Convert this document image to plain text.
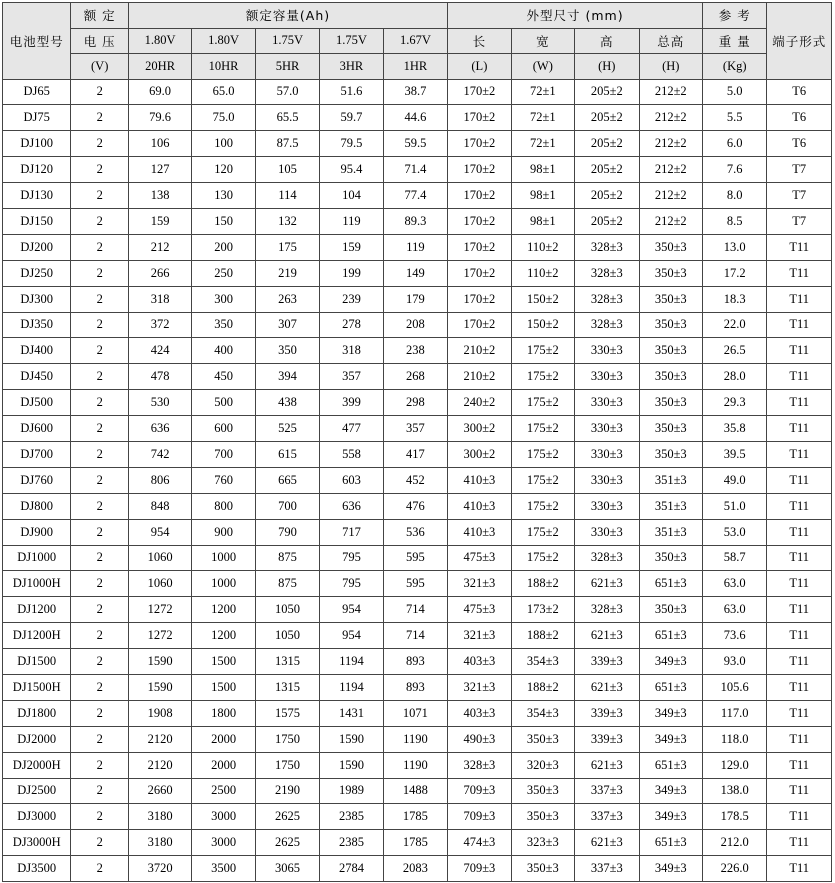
电池型号	额 定	额定容量(Ah)					外型尺寸 (mm)				参 考	端子形式
	电 压	1.80V	1.80V	1.75V	1.75V	1.67V	长	宽	高	总高	重 量	
	(V)	20HR	10HR	5HR	3HR	1HR	(L)	(W)	(H)	(H)	(Kg)	
DJ65	2	69.0	65.0	57.0	51.6	38.7	170±2	72±1	205±2	212±2	5.0	T6
DJ75	2	79.6	75.0	65.5	59.7	44.6	170±2	72±1	205±2	212±2	5.5	T6
DJ100	2	106	100	87.5	79.5	59.5	170±2	72±1	205±2	212±2	6.0	T6
DJ120	2	127	120	105	95.4	71.4	170±2	98±1	205±2	212±2	7.6	T7
DJ130	2	138	130	114	104	77.4	170±2	98±1	205±2	212±2	8.0	T7
DJ150	2	159	150	132	119	89.3	170±2	98±1	205±2	212±2	8.5	T7
DJ200	2	212	200	175	159	119	170±2	110±2	328±3	350±3	13.0	T11
DJ250	2	266	250	219	199	149	170±2	110±2	328±3	350±3	17.2	T11
DJ300	2	318	300	263	239	179	170±2	150±2	328±3	350±3	18.3	T11
DJ350	2	372	350	307	278	208	170±2	150±2	328±3	350±3	22.0	T11
DJ400	2	424	400	350	318	238	210±2	175±2	330±3	350±3	26.5	T11
DJ450	2	478	450	394	357	268	210±2	175±2	330±3	350±3	28.0	T11
DJ500	2	530	500	438	399	298	240±2	175±2	330±3	350±3	29.3	T11
DJ600	2	636	600	525	477	357	300±2	175±2	330±3	350±3	35.8	T11
DJ700	2	742	700	615	558	417	300±2	175±2	330±3	350±3	39.5	T11
DJ760	2	806	760	665	603	452	410±3	175±2	330±3	351±3	49.0	T11
DJ800	2	848	800	700	636	476	410±3	175±2	330±3	351±3	51.0	T11
DJ900	2	954	900	790	717	536	410±3	175±2	330±3	351±3	53.0	T11
DJ1000	2	1060	1000	875	795	595	475±3	175±2	328±3	350±3	58.7	T11
DJ1000H	2	1060	1000	875	795	595	321±3	188±2	621±3	651±3	63.0	T11
DJ1200	2	1272	1200	1050	954	714	475±3	173±2	328±3	350±3	63.0	T11
DJ1200H	2	1272	1200	1050	954	714	321±3	188±2	621±3	651±3	73.6	T11
DJ1500	2	1590	1500	1315	1194	893	403±3	354±3	339±3	349±3	93.0	T11
DJ1500H	2	1590	1500	1315	1194	893	321±3	188±2	621±3	651±3	105.6	T11
DJ1800	2	1908	1800	1575	1431	1071	403±3	354±3	339±3	349±3	117.0	T11
DJ2000	2	2120	2000	1750	1590	1190	490±3	350±3	339±3	349±3	118.0	T11
DJ2000H	2	2120	2000	1750	1590	1190	328±3	320±3	621±3	651±3	129.0	T11
DJ2500	2	2660	2500	2190	1989	1488	709±3	350±3	337±3	349±3	138.0	T11
DJ3000	2	3180	3000	2625	2385	1785	709±3	350±3	337±3	349±3	178.5	T11
DJ3000H	2	3180	3000	2625	2385	1785	474±3	323±3	621±3	651±3	212.0	T11
DJ3500	2	3720	3500	3065	2784	2083	709±3	350±3	337±3	349±3	226.0	T11
